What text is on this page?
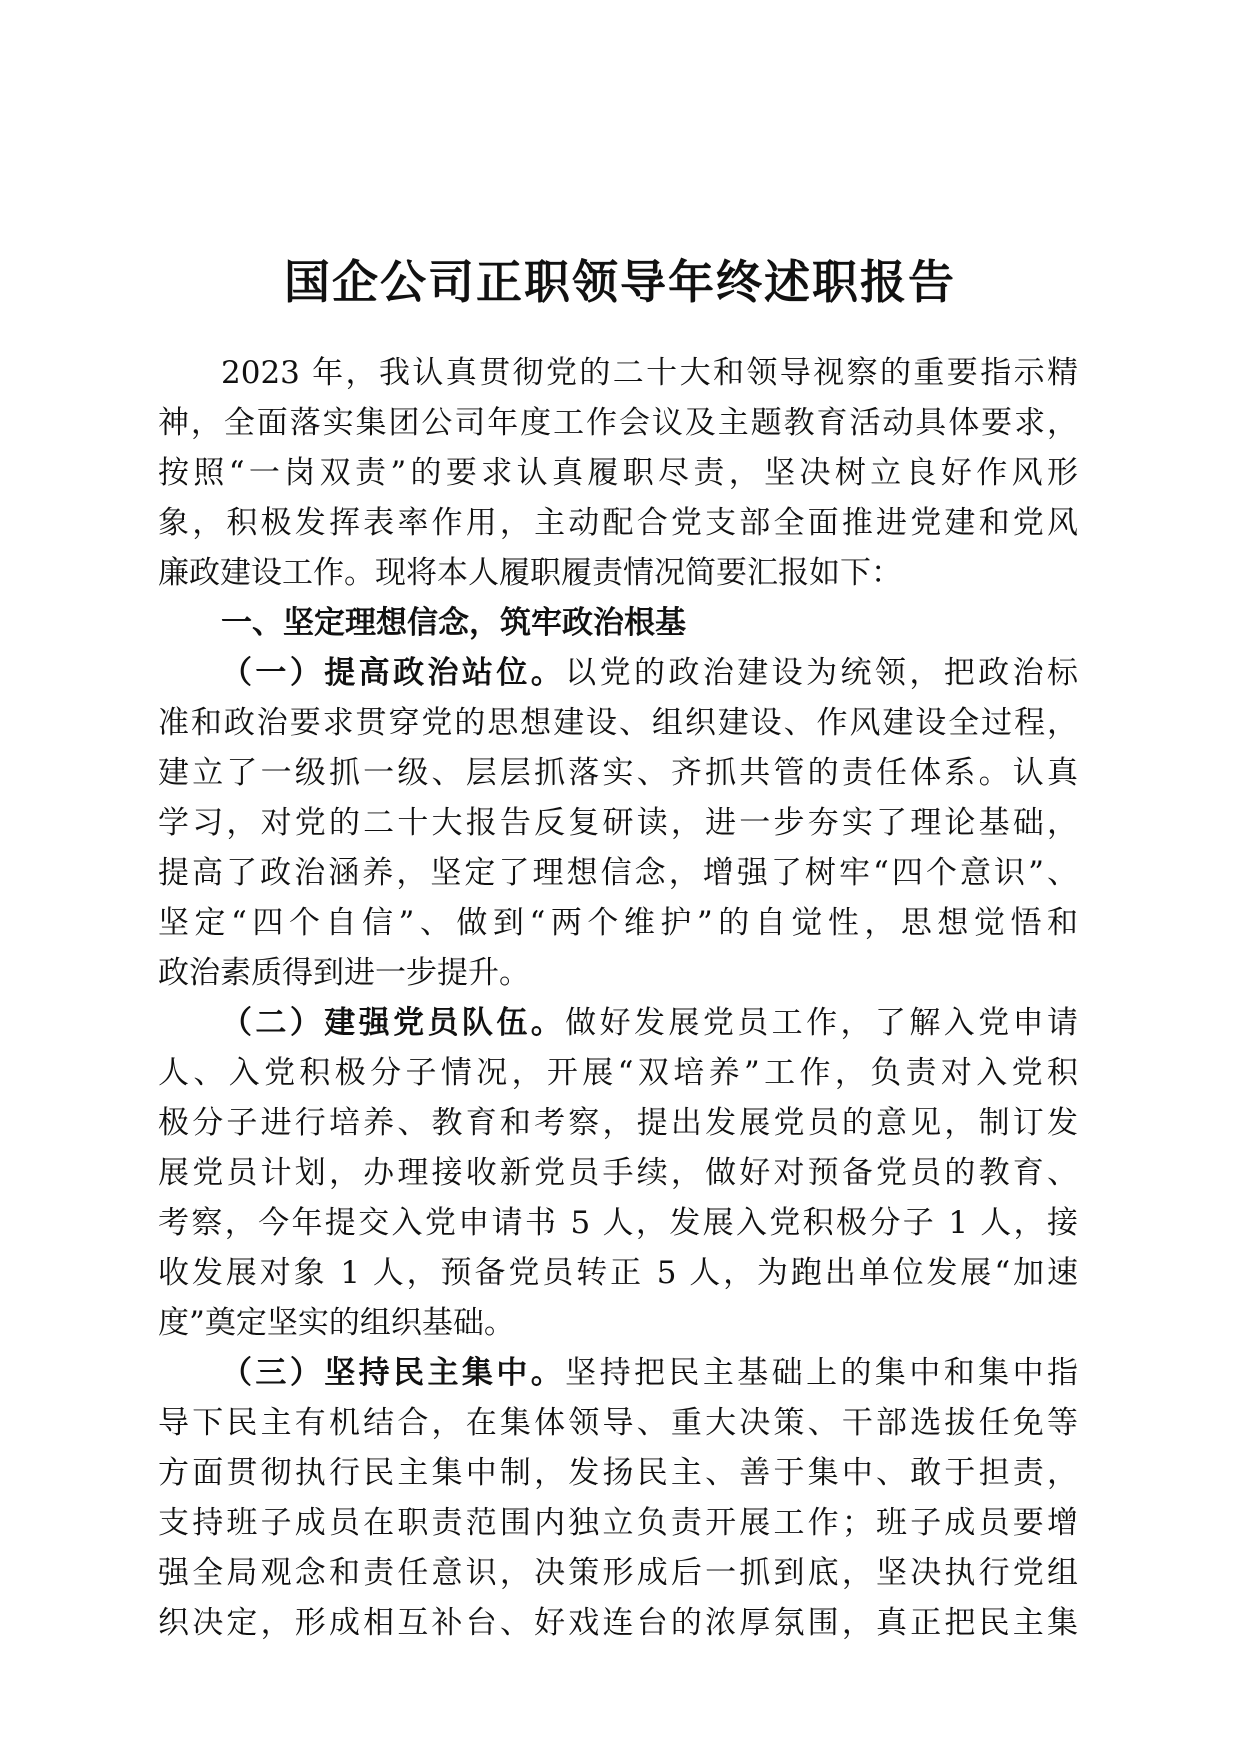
国企公司正职领导年终述职报告
2023 年，我认真贯彻党的二十大和领导视察的重要指示精
神，全面落实集团公司年度工作会议及主题教育活动具体要求，
按照“一岗双责”的要求认真履职尽责，坚决树立良好作风形
象，积极发挥表率作用，主动配合党支部全面推进党建和党风
廉政建设工作。现将本人履职履责情况简要汇报如下：
一、坚定理想信念，筑牢政治根基
（一）提高政治站位。以党的政治建设为统领，把政治标
准和政治要求贯穿党的思想建设、组织建设、作风建设全过程，
建立了一级抓一级、层层抓落实、齐抓共管的责任体系。认真
学习，对党的二十大报告反复研读，进一步夯实了理论基础，
提高了政治涵养，坚定了理想信念，增强了树牢“四个意识”、
坚定“四个自信”、做到“两个维护”的自觉性，思想觉悟和
政治素质得到进一步提升。
（二）建强党员队伍。做好发展党员工作，了解入党申请
人、入党积极分子情况，开展“双培养”工作，负责对入党积
极分子进行培养、教育和考察，提出发展党员的意见，制订发
展党员计划，办理接收新党员手续，做好对预备党员的教育、
考察，今年提交入党申请书 5 人，发展入党积极分子 1 人，接
收发展对象 1 人，预备党员转正 5 人，为跑出单位发展“加速
度”奠定坚实的组织基础。
（三）坚持民主集中。坚持把民主基础上的集中和集中指
导下民主有机结合，在集体领导、重大决策、干部选拔任免等
方面贯彻执行民主集中制，发扬民主、善于集中、敢于担责，
支持班子成员在职责范围内独立负责开展工作；班子成员要增
强全局观念和责任意识，决策形成后一抓到底，坚决执行党组
织决定，形成相互补台、好戏连台的浓厚氛围，真正把民主集
